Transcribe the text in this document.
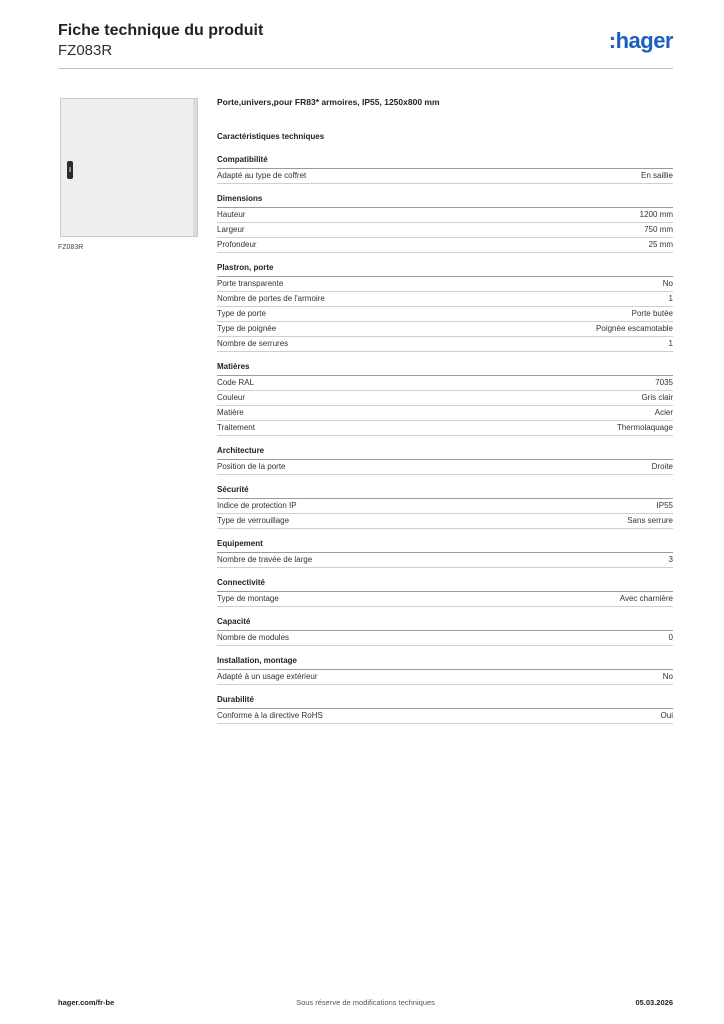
Fiche technique du produit
FZ083R	:hager
FZ083R
Porte,univers,pour FR83* armoires, IP55, 1250x800 mm
Caractéristiques techniques
Compatibilité
Adapté au type de coffret	En saillie
Dimensions
Hauteur	1200 mm
Largeur	750 mm
Profondeur	25 mm
Plastron, porte
Porte transparente	No
Nombre de portes de l'armoire	1
Type de porte	Porte butée
Type de poignée	Poignée escamotable
Nombre de serrures	1
Matières
Code RAL	7035
Couleur	Gris clair
Matière	Acier
Traitement	Thermolaquage
Architecture
Position de la porte	Droite
Sécurité
Indice de protection IP	IP55
Type de verrouillage	Sans serrure
Equipement
Nombre de travée de large	3
Connectivité
Type de montage	Avec charnière
Capacité
Nombre de modules	0
Installation, montage
Adapté à un usage extérieur	No
Durabilité
Conforme à la directive RoHS	Oui
hager.com/fr-be	Sous réserve de modifications techniques	05.03.2026
